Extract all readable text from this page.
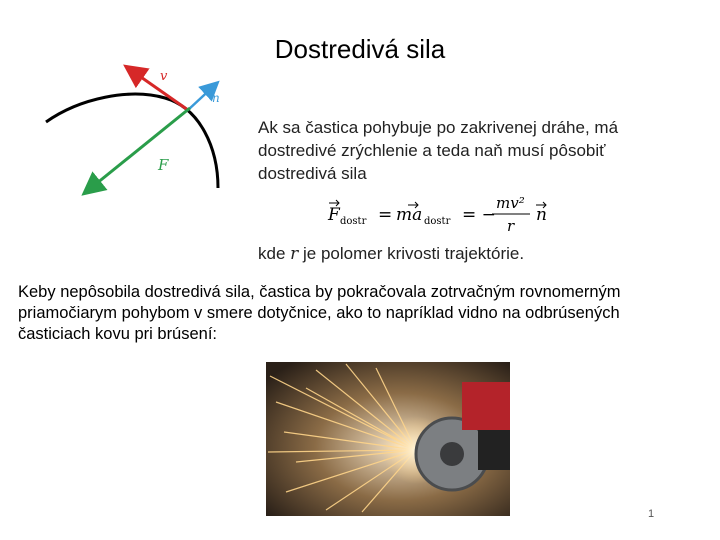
Dostredivá sila
v
n
F
Ak sa častica pohybuje po zakrivenej dráhe, má dostredivé zrýchlenie a teda naň musí pôsobiť dostredivá sila
F dostr = ma dostr = −
mv²
r
n
kde r je polomer krivosti trajektórie.
Keby nepôsobila dostredivá sila, častica by pokračovala zotrvačným rovnomerným priamočiarym pohybom v smere dotyčnice, ako to napríklad vidno na odbrúsených časticiach kovu pri brúsení:
1
